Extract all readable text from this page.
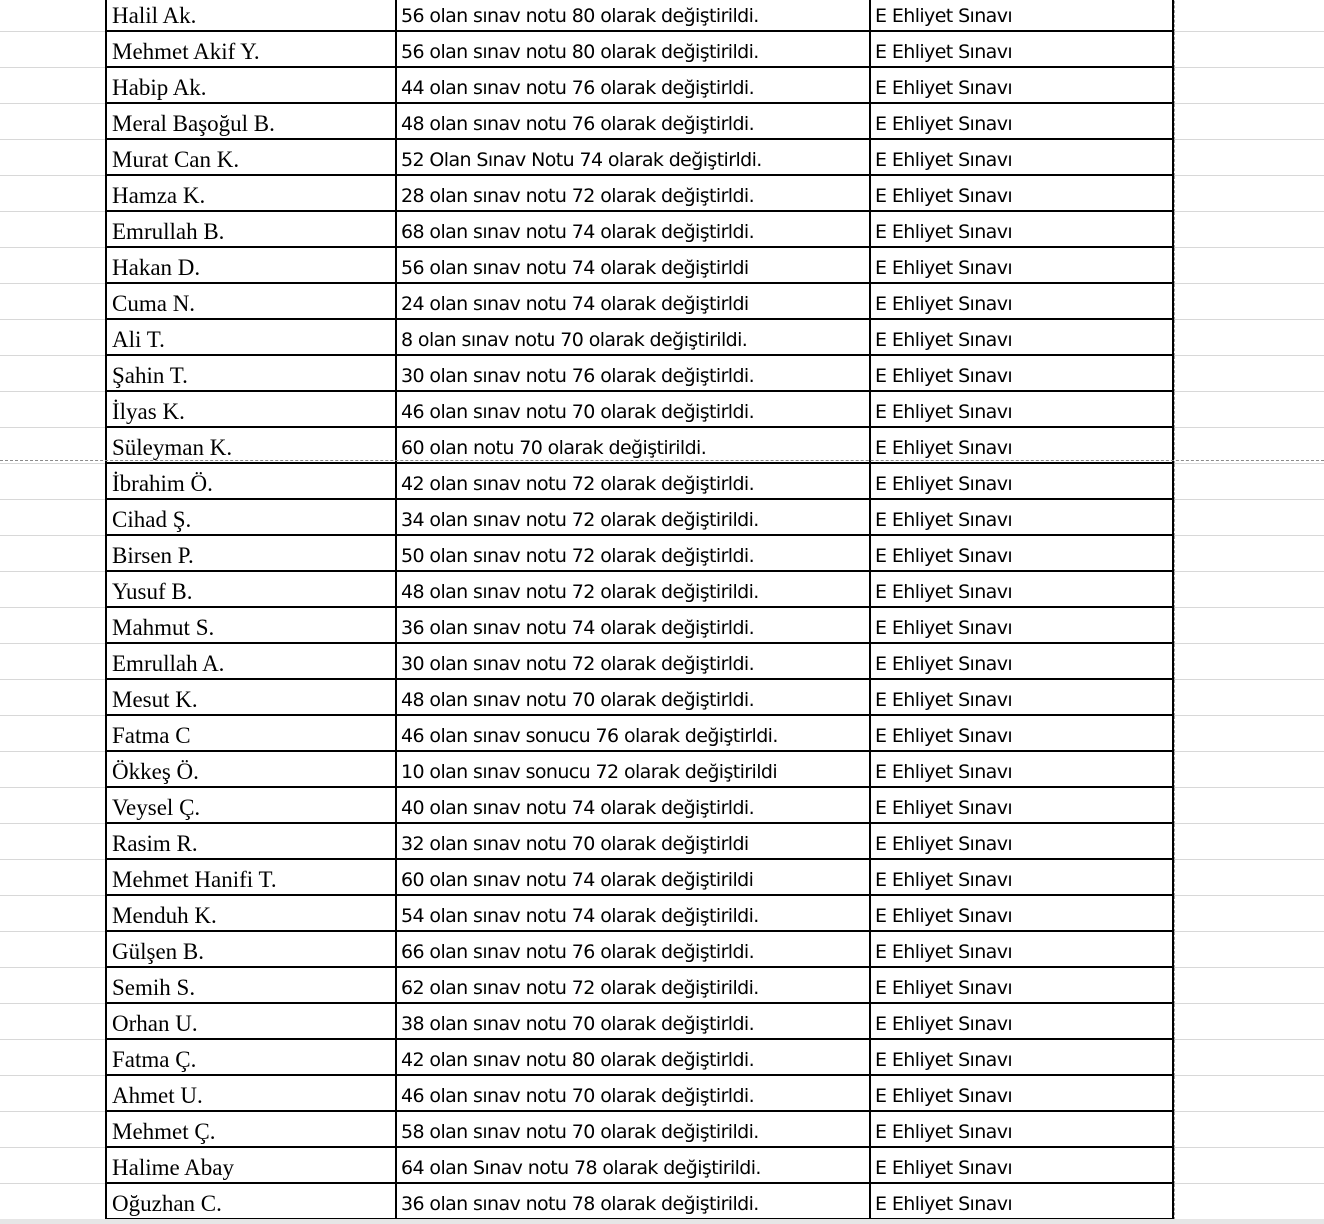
Halil Ak.	56 olan sınav notu 80 olarak değiştirildi.	E Ehliyet Sınavı
Mehmet Akif Y.	56 olan sınav notu 80 olarak değiştirildi.	E Ehliyet Sınavı
Habip Ak.	44 olan sınav notu 76 olarak değiştirldi.	E Ehliyet Sınavı
Meral Başoğul B.	48 olan sınav notu 76 olarak değiştirldi.	E Ehliyet Sınavı
Murat Can K.	52 Olan Sınav Notu 74 olarak değiştirldi.	E Ehliyet Sınavı
Hamza K.	28 olan sınav notu 72 olarak değiştirldi.	E Ehliyet Sınavı
Emrullah B.	68 olan sınav notu 74 olarak değiştirldi.	E Ehliyet Sınavı
Hakan D.	56 olan sınav notu 74 olarak değiştirldi	E Ehliyet Sınavı
Cuma N.	24 olan sınav notu 74 olarak değiştirldi	E Ehliyet Sınavı
Ali T.	8 olan sınav notu 70 olarak değiştirildi.	E Ehliyet Sınavı
Şahin T.	30 olan sınav notu 76 olarak değiştirldi.	E Ehliyet Sınavı
İlyas K.	46 olan sınav notu 70 olarak değiştirldi.	E Ehliyet Sınavı
Süleyman K.	60 olan notu 70 olarak değiştirildi.	E Ehliyet Sınavı
İbrahim Ö.	42 olan sınav notu 72 olarak değiştirldi.	E Ehliyet Sınavı
Cihad Ş.	34 olan sınav notu 72 olarak değiştirildi.	E Ehliyet Sınavı
Birsen P.	50 olan sınav notu 72 olarak değiştirldi.	E Ehliyet Sınavı
Yusuf B.	48 olan sınav notu 72 olarak değiştirildi.	E Ehliyet Sınavı
Mahmut S.	36 olan sınav notu 74 olarak değiştirldi.	E Ehliyet Sınavı
Emrullah A.	30 olan sınav notu 72 olarak değiştirldi.	E Ehliyet Sınavı
Mesut K.	48 olan sınav notu 70 olarak değiştirldi.	E Ehliyet Sınavı
Fatma C	46 olan sınav sonucu 76 olarak değiştirldi.	E Ehliyet Sınavı
Ökkeş Ö.	10 olan sınav sonucu 72 olarak değiştirildi	E Ehliyet Sınavı
Veysel Ç.	40 olan sınav notu 74 olarak değiştirldi.	E Ehliyet Sınavı
Rasim R.	32 olan sınav notu 70 olarak değiştirldi	E Ehliyet Sınavı
Mehmet Hanifi T.	60 olan sınav notu 74 olarak değiştirildi	E Ehliyet Sınavı
Menduh K.	54 olan sınav notu 74 olarak değiştirildi.	E Ehliyet Sınavı
Gülşen B.	66 olan sınav notu 76 olarak değiştirldi.	E Ehliyet Sınavı
Semih S.	62 olan sınav notu 72 olarak değiştirildi.	E Ehliyet Sınavı
Orhan U.	38 olan sınav notu 70 olarak değiştirldi.	E Ehliyet Sınavı
Fatma Ç.	42 olan sınav notu 80 olarak değiştirldi.	E Ehliyet Sınavı
Ahmet U.	46 olan sınav notu 70 olarak değiştirldi.	E Ehliyet Sınavı
Mehmet Ç.	58 olan sınav notu 70 olarak değiştirildi.	E Ehliyet Sınavı
Halime Abay	64 olan Sınav notu 78 olarak değiştirildi.	E Ehliyet Sınavı
Oğuzhan C.	36 olan sınav notu 78 olarak değiştirildi.	E Ehliyet Sınavı
